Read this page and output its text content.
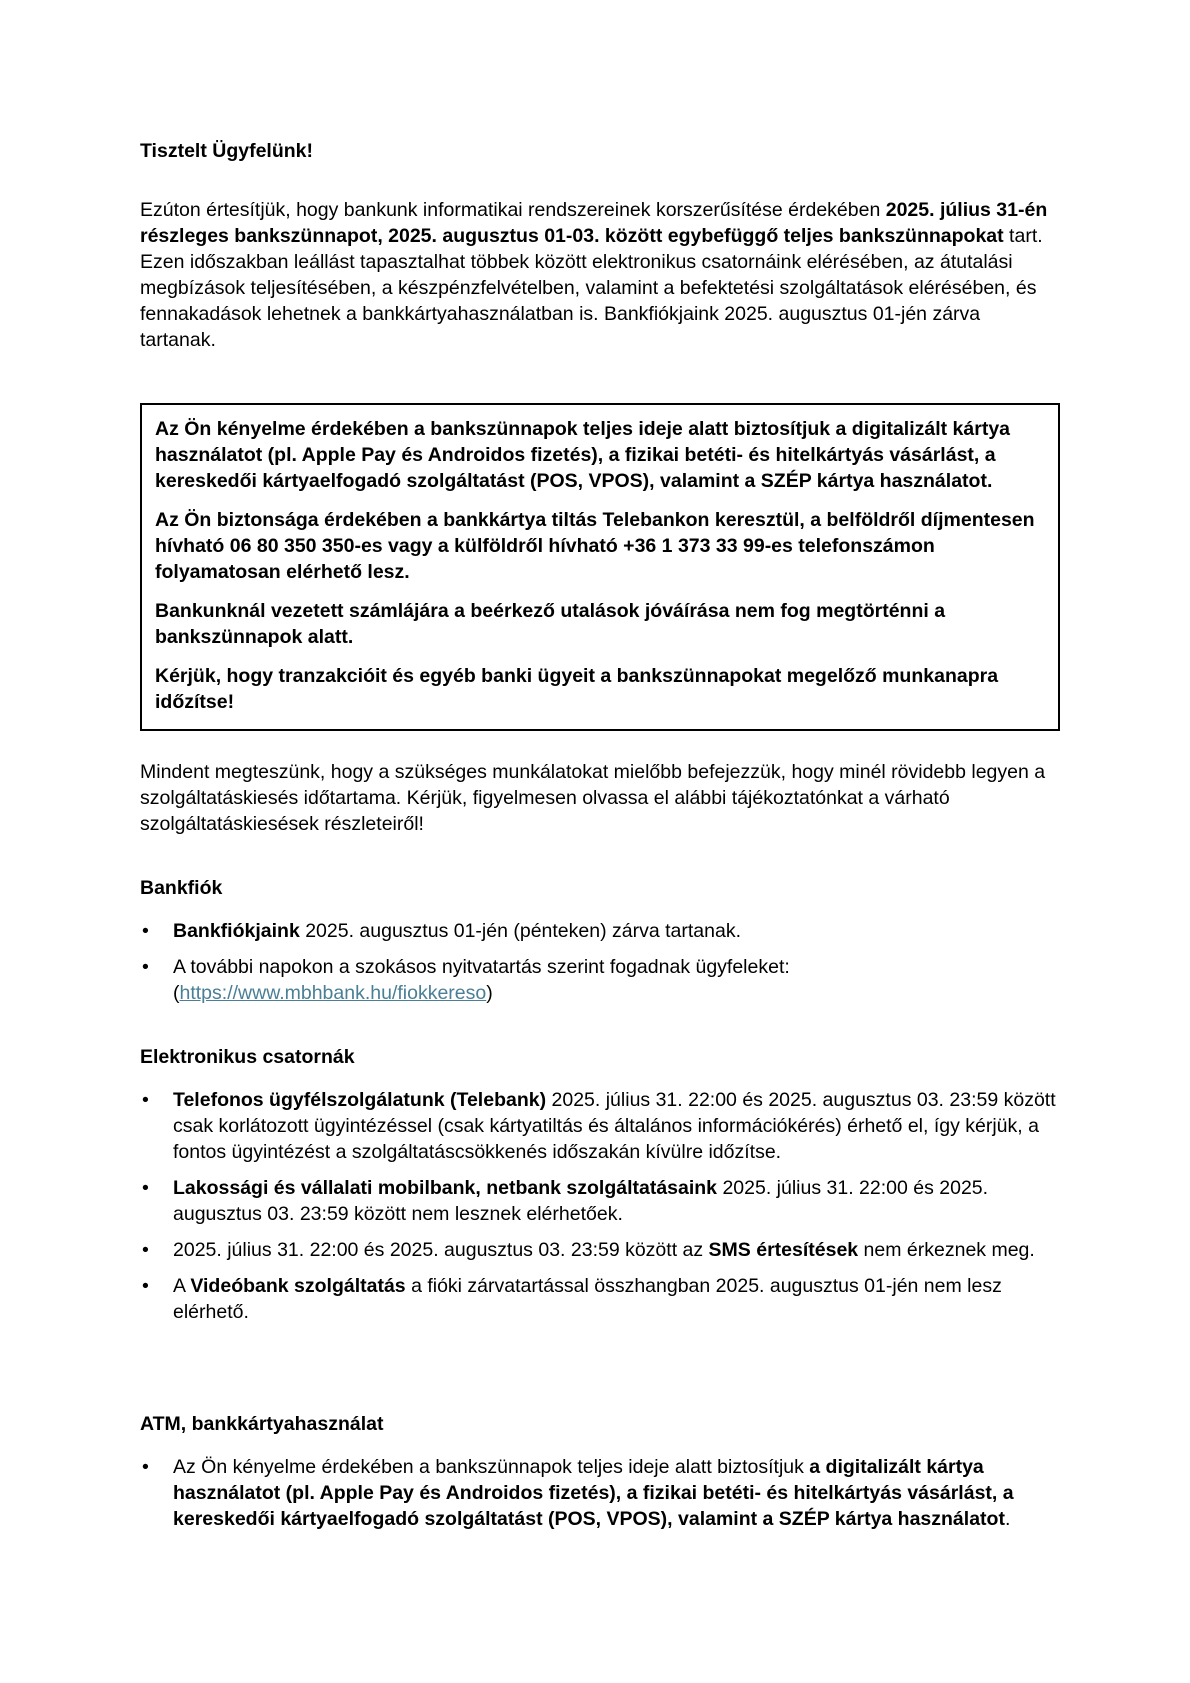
Tisztelt Ügyfelünk!

Ezúton értesítjük, hogy bankunk informatikai rendszereinek korszerűsítése érdekében 2025. július 31-én részleges bankszünnapot, 2025. augusztus 01-03. között egybefüggő teljes bankszünnapokat tart. Ezen időszakban leállást tapasztalhat többek között elektronikus csatornáink elérésében, az átutalási megbízások teljesítésében, a készpénzfelvételben, valamint a befektetési szolgáltatások elérésében, és fennakadások lehetnek a bankkártyahasználatban is. Bankfiókjaink 2025. augusztus 01-jén zárva tartanak.

Az Ön kényelme érdekében a bankszünnapok teljes ideje alatt biztosítjuk a digitalizált kártya használatot (pl. Apple Pay és Androidos fizetés), a fizikai betéti- és hitelkártyás vásárlást, a kereskedői kártyaelfogadó szolgáltatást (POS, VPOS), valamint a SZÉP kártya használatot.

Az Ön biztonsága érdekében a bankkártya tiltás Telebankon keresztül, a belföldről díjmentesen hívható 06 80 350 350-es vagy a külföldről hívható +36 1 373 33 99-es telefonszámon folyamatosan elérhető lesz.

Bankunknál vezetett számlájára a beérkező utalások jóváírása nem fog megtörténni a bankszünnapok alatt.

Kérjük, hogy tranzakcióit és egyéb banki ügyeit a bankszünnapokat megelőző munkanapra időzítse!

Mindent megteszünk, hogy a szükséges munkálatokat mielőbb befejezzük, hogy minél rövidebb legyen a szolgáltatáskiesés időtartama. Kérjük, figyelmesen olvassa el alábbi tájékoztatónkat a várható szolgáltatáskiesések részleteiről!

Bankfiók
•	Bankfiókjaink 2025. augusztus 01-jén (pénteken) zárva tartanak.
•	A további napokon a szokásos nyitvatartás szerint fogadnak ügyfeleket:
(https://www.mbhbank.hu/fiokkereso)
Elektronikus csatornák
•	Telefonos ügyfélszolgálatunk (Telebank) 2025. július 31. 22:00 és 2025. augusztus 03. 23:59 között csak korlátozott ügyintézéssel (csak kártyatiltás és általános információkérés) érhető el, így kérjük, a fontos ügyintézést a szolgáltatáscsökkenés időszakán kívülre időzítse.
•	Lakossági és vállalati mobilbank, netbank szolgáltatásaink 2025. július 31. 22:00 és 2025. augusztus 03. 23:59 között nem lesznek elérhetőek.
•	2025. július 31. 22:00 és 2025. augusztus 03. 23:59 között az SMS értesítések nem érkeznek meg.
•	A Videóbank szolgáltatás a fióki zárvatartással összhangban 2025. augusztus 01-jén nem lesz elérhető.
ATM, bankkártyahasználat
•	Az Ön kényelme érdekében a bankszünnapok teljes ideje alatt biztosítjuk a digitalizált kártya használatot (pl. Apple Pay és Androidos fizetés), a fizikai betéti- és hitelkártyás vásárlást, a kereskedői kártyaelfogadó szolgáltatást (POS, VPOS), valamint a SZÉP kártya használatot.
